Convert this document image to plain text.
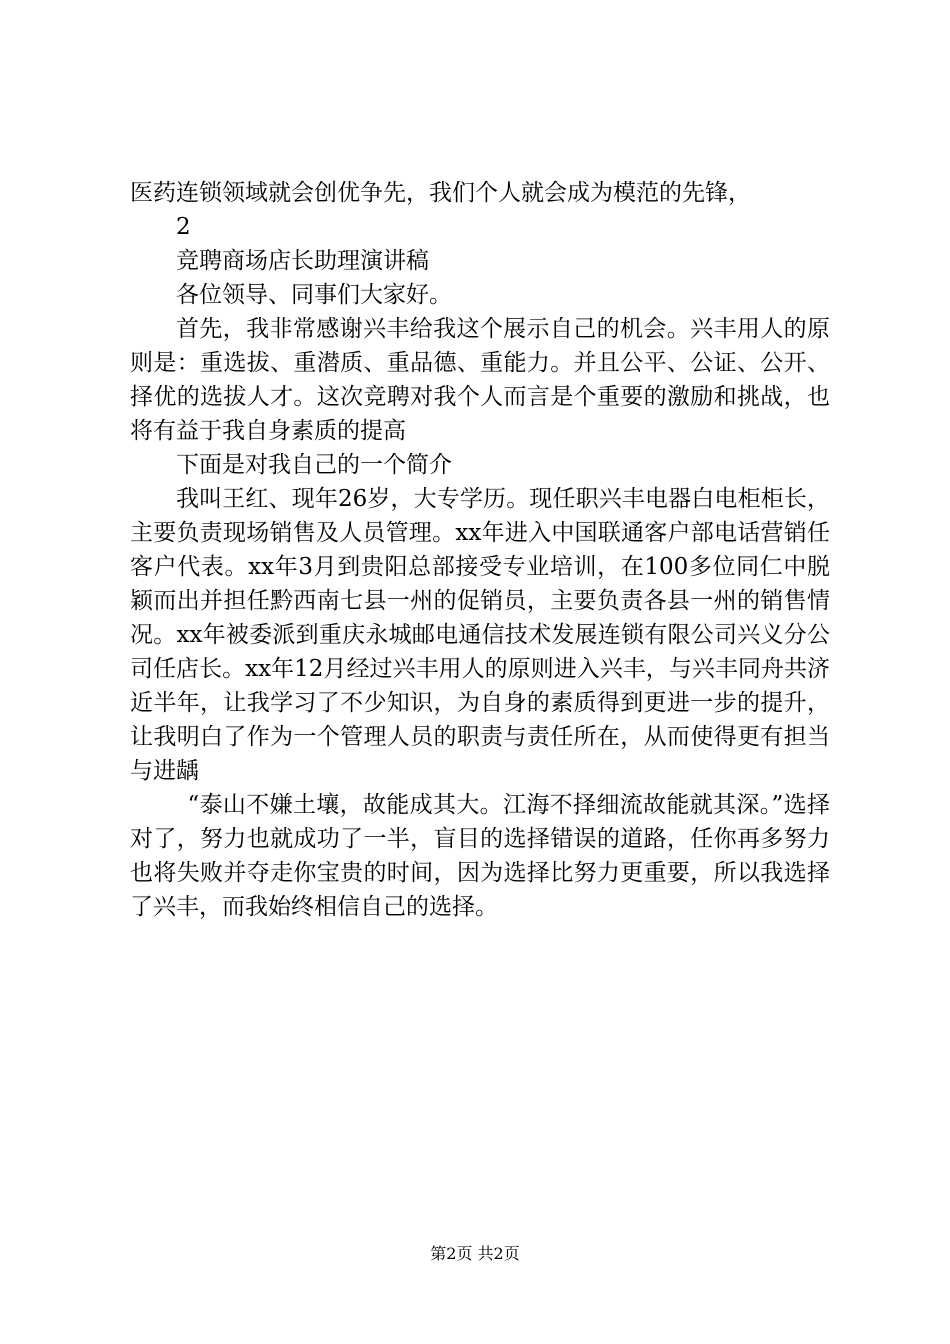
医药连锁领域就会创优争先，我们个人就会成为模范的先锋，

2

竞聘商场店长助理演讲稿

各位领导、同事们大家好。

首先，我非常感谢兴丰给我这个展示自己的机会。兴丰用人的原则是：重选拔、重潜质、重品德、重能力。并且公平、公证、公开、择优的选拔人才。这次竞聘对我个人而言是个重要的激励和挑战，也将有益于我自身素质的提高

下面是对我自己的一个简介

我叫王红、现年26岁，大专学历。现任职兴丰电器白电柜柜长，主要负责现场销售及人员管理。xx年进入中国联通客户部电话营销任客户代表。xx年3月到贵阳总部接受专业培训，在100多位同仁中脱颖而出并担任黔西南七县一州的促销员，主要负责各县一州的销售情况。xx年被委派到重庆永城邮电通信技术发展连锁有限公司兴义分公司任店长。xx年12月经过兴丰用人的原则进入兴丰，与兴丰同舟共济近半年，让我学习了不少知识，为自身的素质得到更进一步的提升，让我明白了作为一个管理人员的职责与责任所在，从而使得更有担当与进龋

“泰山不嫌土壤，故能成其大。江海不择细流故能就其深。”选择对了，努力也就成功了一半，盲目的选择错误的道路，任你再多努力也将失败并夺走你宝贵的时间，因为选择比努力更重要，所以我选择了兴丰，而我始终相信自己的选择。

第2页 共2页
